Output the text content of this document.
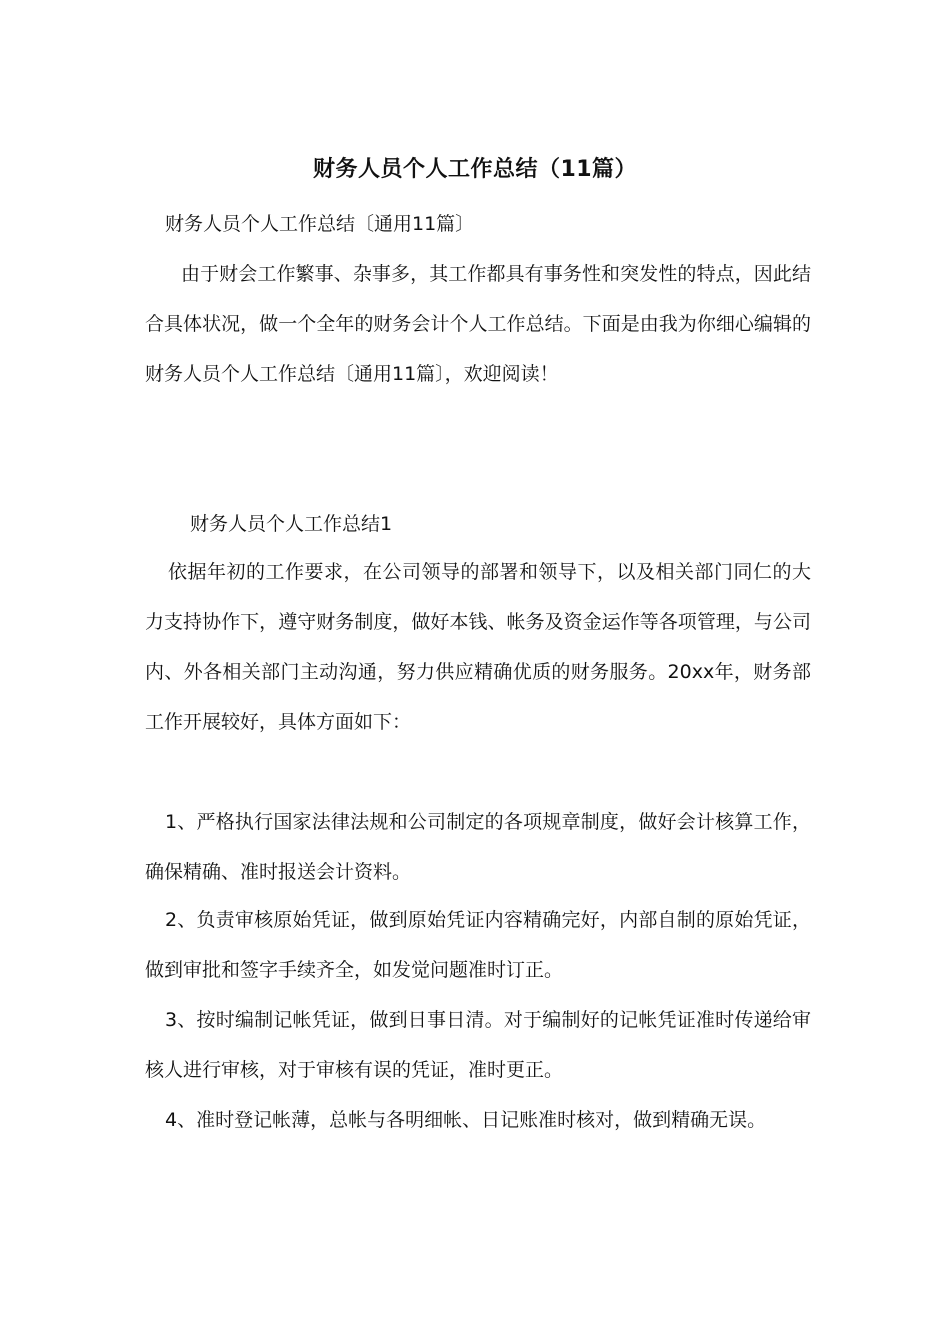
财务人员个人工作总结（11篇）
财务人员个人工作总结〔通用11篇〕
由于财会工作繁事、杂事多，其工作都具有事务性和突发性的特点，因此结合具体状况，做一个全年的财务会计个人工作总结。下面是由我为你细心编辑的财务人员个人工作总结〔通用11篇〕，欢迎阅读！
财务人员个人工作总结1
依据年初的工作要求，在公司领导的部署和领导下，以及相关部门同仁的大力支持协作下，遵守财务制度，做好本钱、帐务及资金运作等各项管理，与公司内、外各相关部门主动沟通，努力供应精确优质的财务服务。20xx年，财务部工作开展较好，具体方面如下：
1、严格执行国家法律法规和公司制定的各项规章制度，做好会计核算工作，确保精确、准时报送会计资料。
2、负责审核原始凭证，做到原始凭证内容精确完好，内部自制的原始凭证，做到审批和签字手续齐全，如发觉问题准时订正。
3、按时编制记帐凭证，做到日事日清。对于编制好的记帐凭证准时传递给审核人进行审核，对于审核有误的凭证，准时更正。
4、准时登记帐薄，总帐与各明细帐、日记账准时核对，做到精确无误。
